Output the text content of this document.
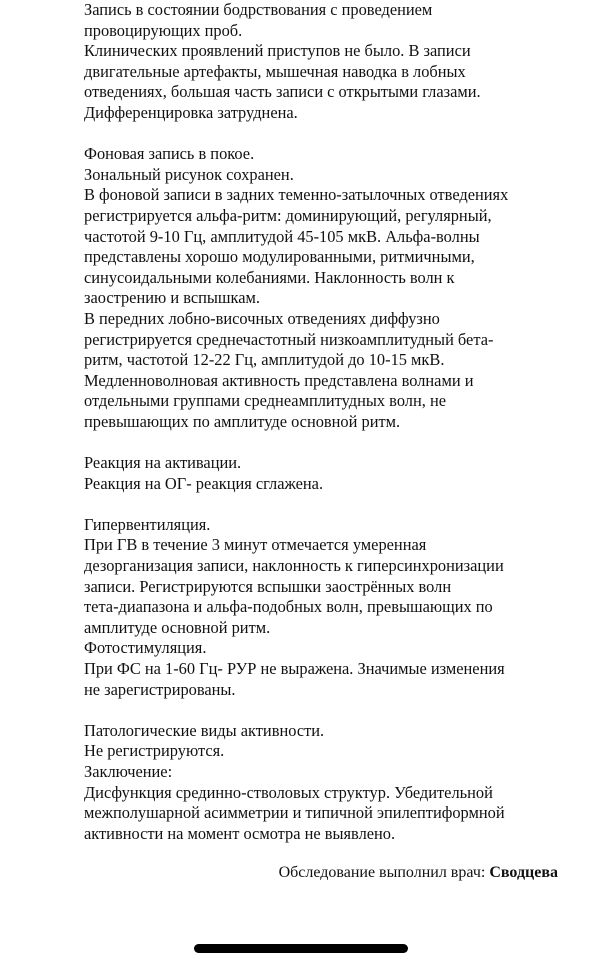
Запись в состоянии бодрствования с проведением
провоцирующих проб.
Клинических проявлений приступов не было. В записи
двигательные артефакты, мышечная наводка в лобных
отведениях, большая часть записи с открытыми глазами.
Дифференцировка затруднена.
Фоновая запись в покое.
Зональный рисунок сохранен.
В фоновой записи в задних теменно-затылочных отведениях
регистрируется альфа-ритм: доминирующий, регулярный,
частотой 9-10 Гц, амплитудой 45-105 мкВ. Альфа-волны
представлены хорошо модулированными, ритмичными,
синусоидальными колебаниями. Наклонность волн к
заострению и вспышкам.
В передних лобно-височных отведениях диффузно
регистрируется среднечастотный низкоамплитудный бета-
ритм, частотой 12-22 Гц, амплитудой до 10-15 мкВ.
Медленноволновая активность представлена волнами и
отдельными группами среднеамплитудных волн, не
превышающих по амплитуде основной ритм.
Реакция на активации.
Реакция на ОГ- реакция сглажена.
Гипервентиляция.
При ГВ в течение 3 минут отмечается умеренная
дезорганизация записи, наклонность к гиперсинхронизации
записи. Регистрируются вспышки заострённых волн
тета-диапазона и альфа-подобных волн, превышающих по
амплитуде основной ритм.
Фотостимуляция.
При ФС на 1-60 Гц- РУР не выражена. Значимые изменения
не зарегистрированы.
Патологические виды активности.
Не регистрируются.
Заключение:
Дисфункция срединно-стволовых структур. Убедительной
межполушарной асимметрии и типичной эпилептиформной
активности на момент осмотра не выявлено.
Обследование выполнил врач: Сводцева
